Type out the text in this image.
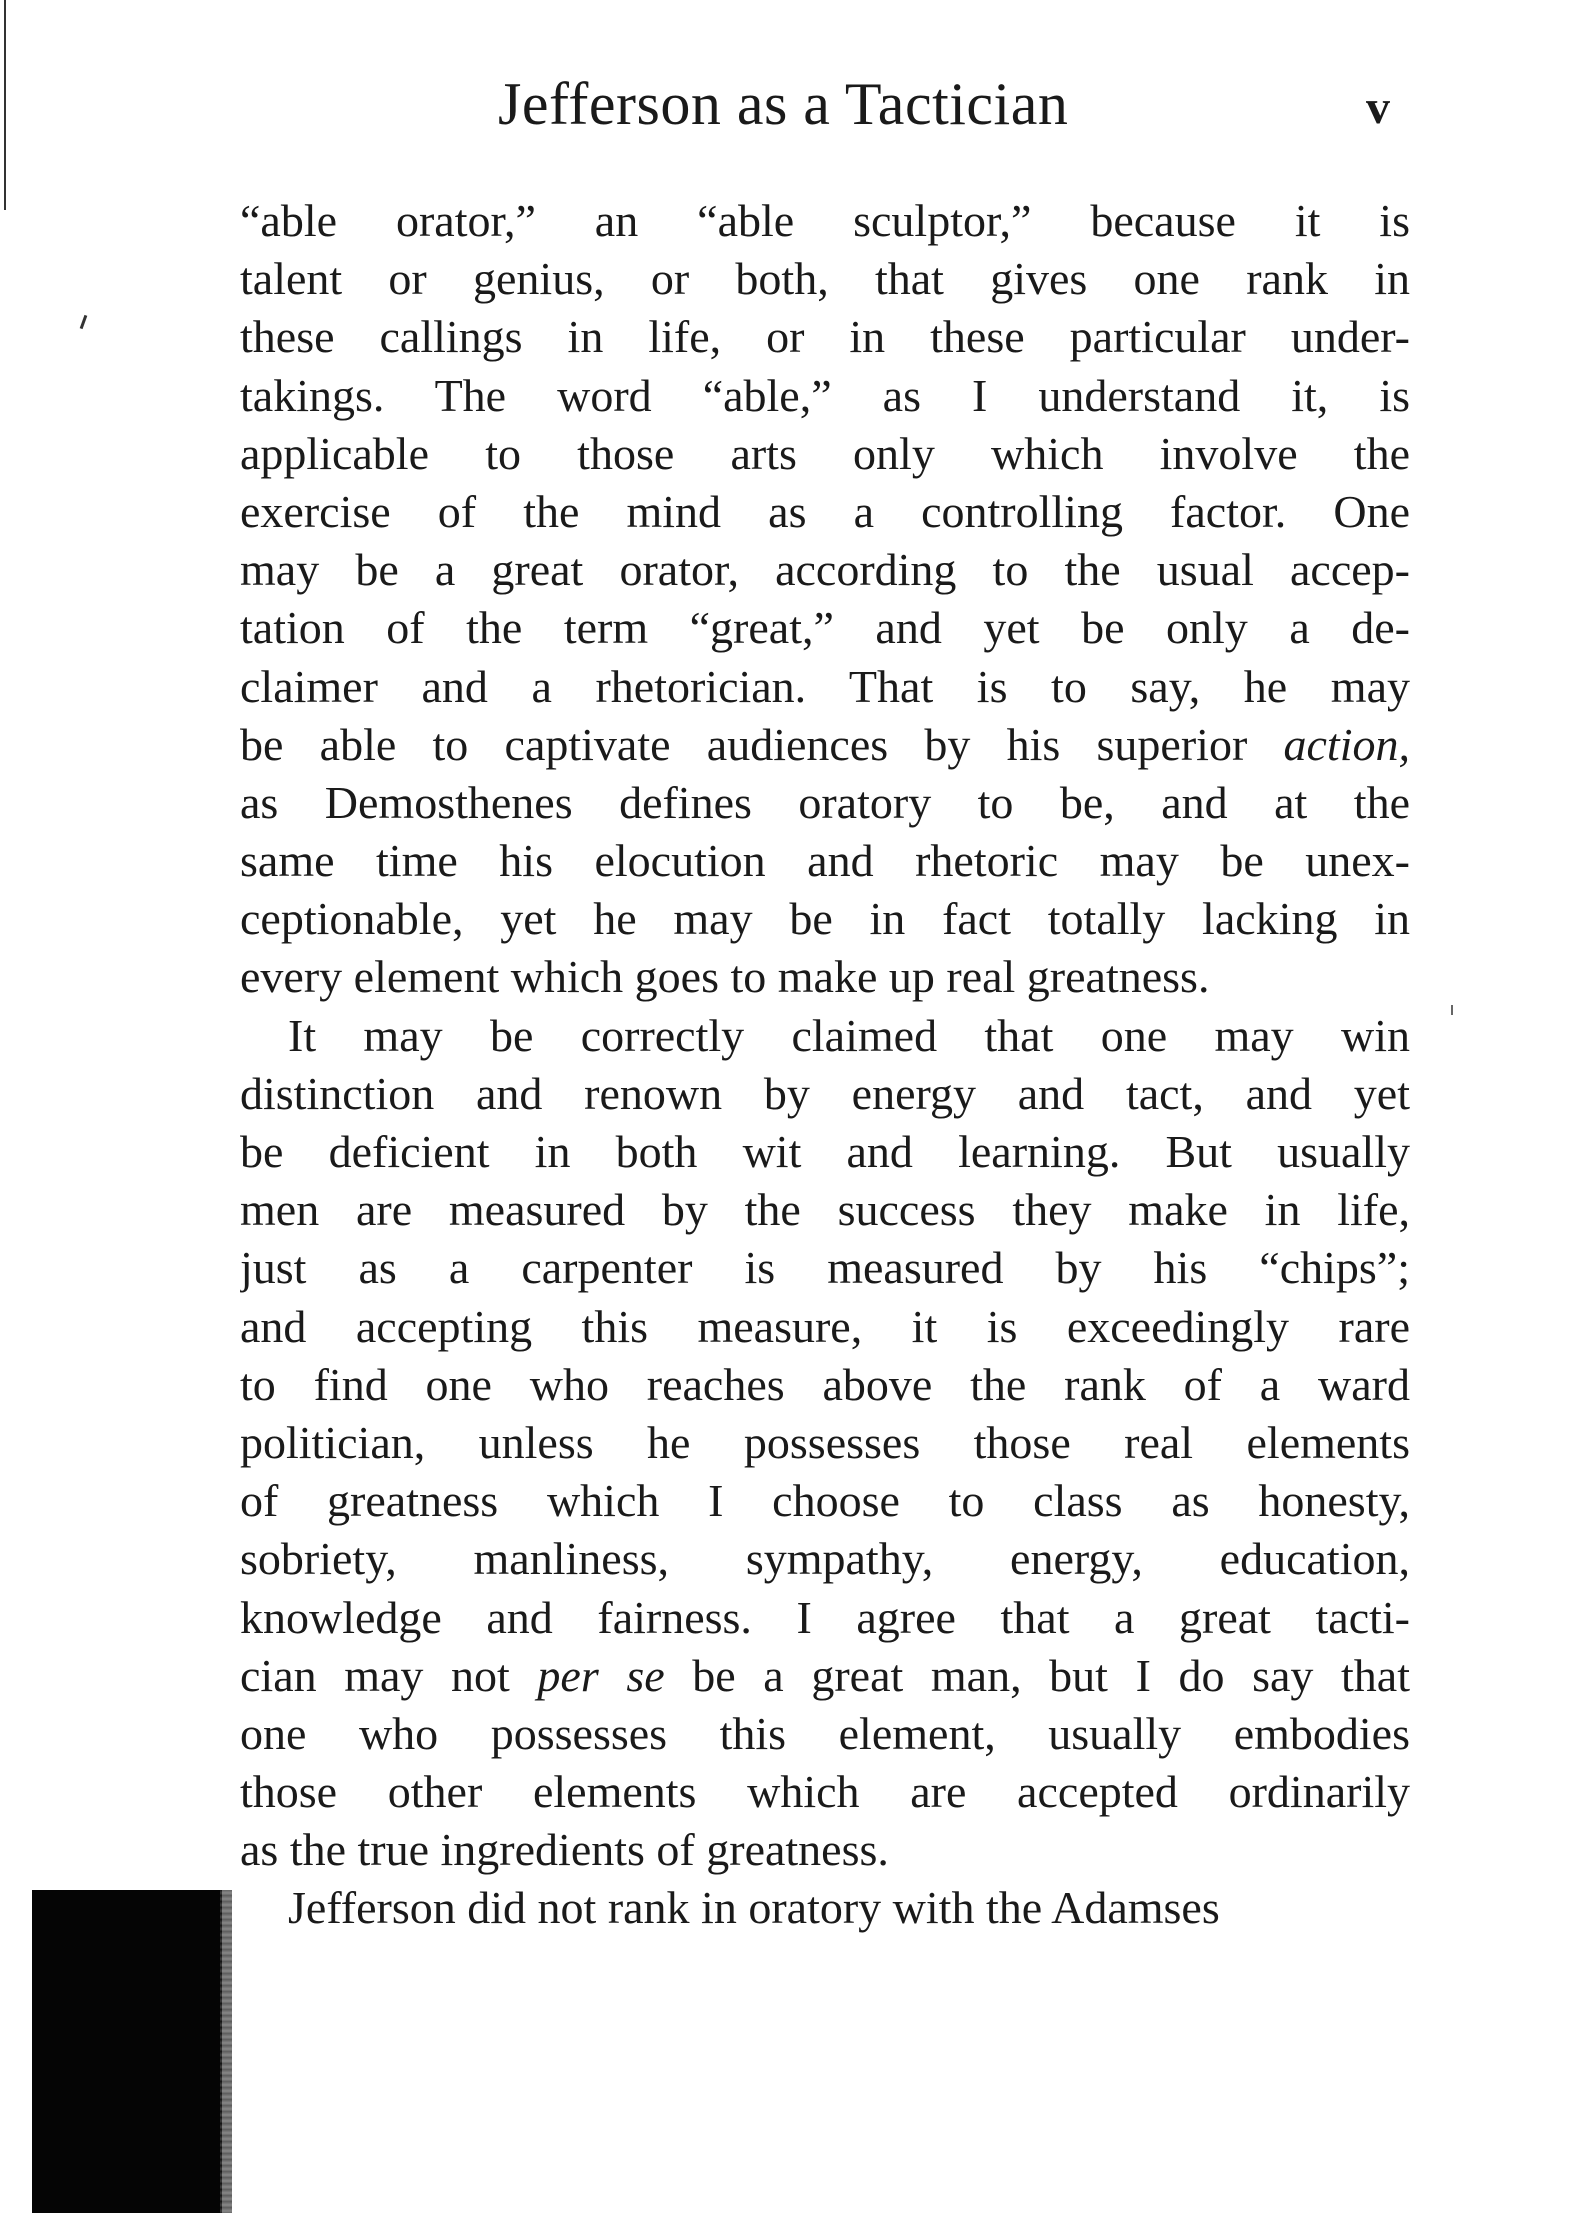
Jefferson as a Tactician	v
“able orator,” an “able sculptor,” because it is
talent or genius, or both, that gives one rank in
these callings in life, or in these particular under-
takings. The word “able,” as I understand it, is
applicable to those arts only which involve the
exercise of the mind as a controlling factor. One
may be a great orator, according to the usual accep-
tation of the term “great,” and yet be only a de-
claimer and a rhetorician. That is to say, he may
be able to captivate audiences by his superior action,
as Demosthenes defines oratory to be, and at the
same time his elocution and rhetoric may be unex-
ceptionable, yet he may be in fact totally lacking in
every element which goes to make up real greatness.
It may be correctly claimed that one may win
distinction and renown by energy and tact, and yet
be deficient in both wit and learning. But usually
men are measured by the success they make in life,
just as a carpenter is measured by his “chips”;
and accepting this measure, it is exceedingly rare
to find one who reaches above the rank of a ward
politician, unless he possesses those real elements
of greatness which I choose to class as honesty,
sobriety, manliness, sympathy, energy, education,
knowledge and fairness. I agree that a great tacti-
cian may not per se be a great man, but I do say that
one who possesses this element, usually embodies
those other elements which are accepted ordinarily
as the true ingredients of greatness.
Jefferson did not rank in oratory with the Adamses
